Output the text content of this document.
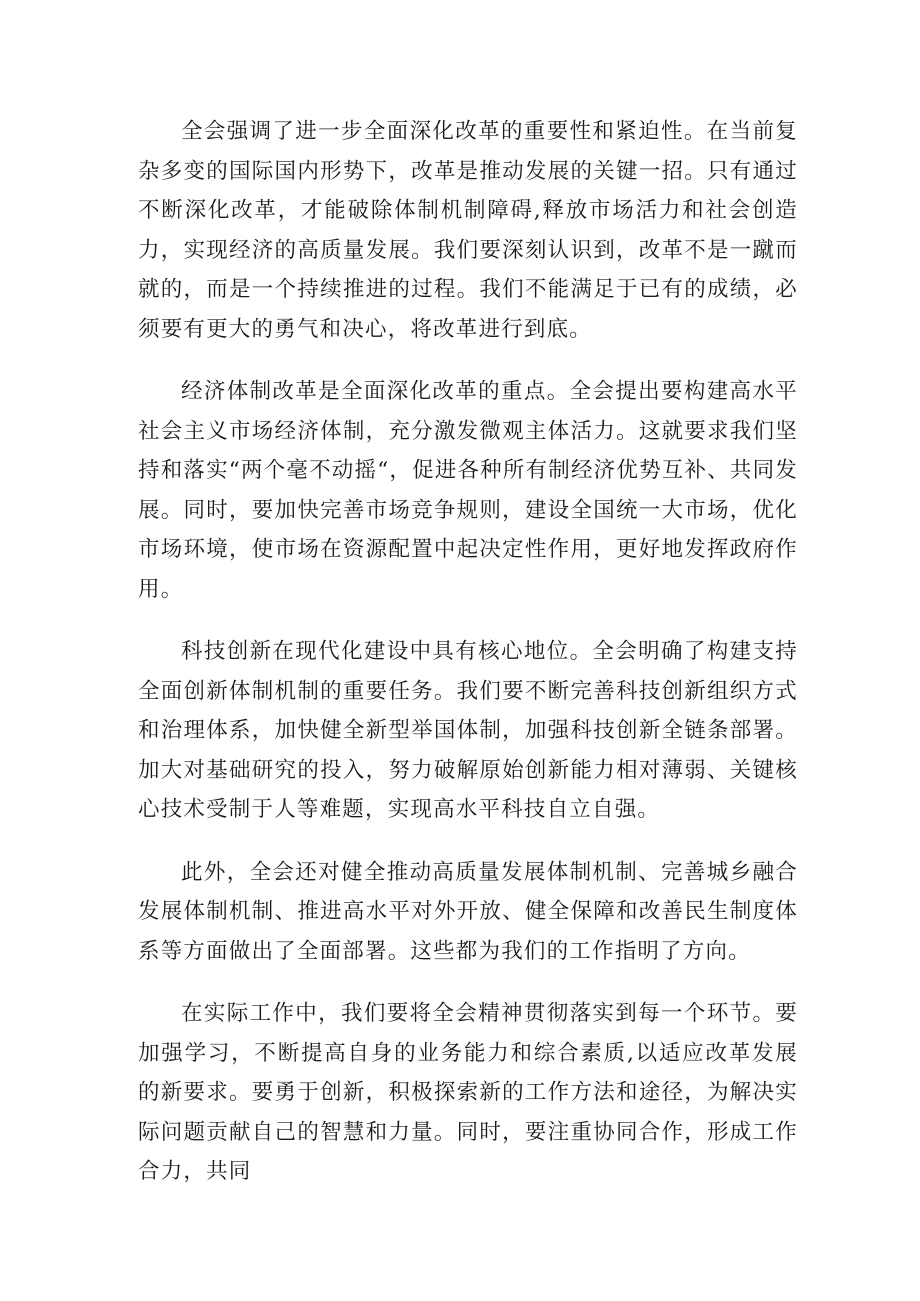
全会强调了进一步全面深化改革的重要性和紧迫性。在当前复杂多变的国际国内形势下，改革是推动发展的关键一招。只有通过不断深化改革，才能破除体制机制障碍,释放市场活力和社会创造力，实现经济的高质量发展。我们要深刻认识到，改革不是一蹴而就的，而是一个持续推进的过程。我们不能满足于已有的成绩，必须要有更大的勇气和决心，将改革进行到底。

经济体制改革是全面深化改革的重点。全会提出要构建高水平社会主义市场经济体制，充分激发微观主体活力。这就要求我们坚持和落实“两个毫不动摇“，促进各种所有制经济优势互补、共同发展。同时，要加快完善市场竞争规则，建设全国统一大市场，优化市场环境，使市场在资源配置中起决定性作用，更好地发挥政府作用。

科技创新在现代化建设中具有核心地位。全会明确了构建支持全面创新体制机制的重要任务。我们要不断完善科技创新组织方式和治理体系，加快健全新型举国体制，加强科技创新全链条部署。加大对基础研究的投入，努力破解原始创新能力相对薄弱、关键核心技术受制于人等难题，实现高水平科技自立自强。

此外，全会还对健全推动高质量发展体制机制、完善城乡融合发展体制机制、推进高水平对外开放、健全保障和改善民生制度体系等方面做出了全面部署。这些都为我们的工作指明了方向。

在实际工作中，我们要将全会精神贯彻落实到每一个环节。要加强学习，不断提高自身的业务能力和综合素质,以适应改革发展的新要求。要勇于创新，积极探索新的工作方法和途径，为解决实际问题贡献自己的智慧和力量。同时，要注重协同合作，形成工作合力，共同
